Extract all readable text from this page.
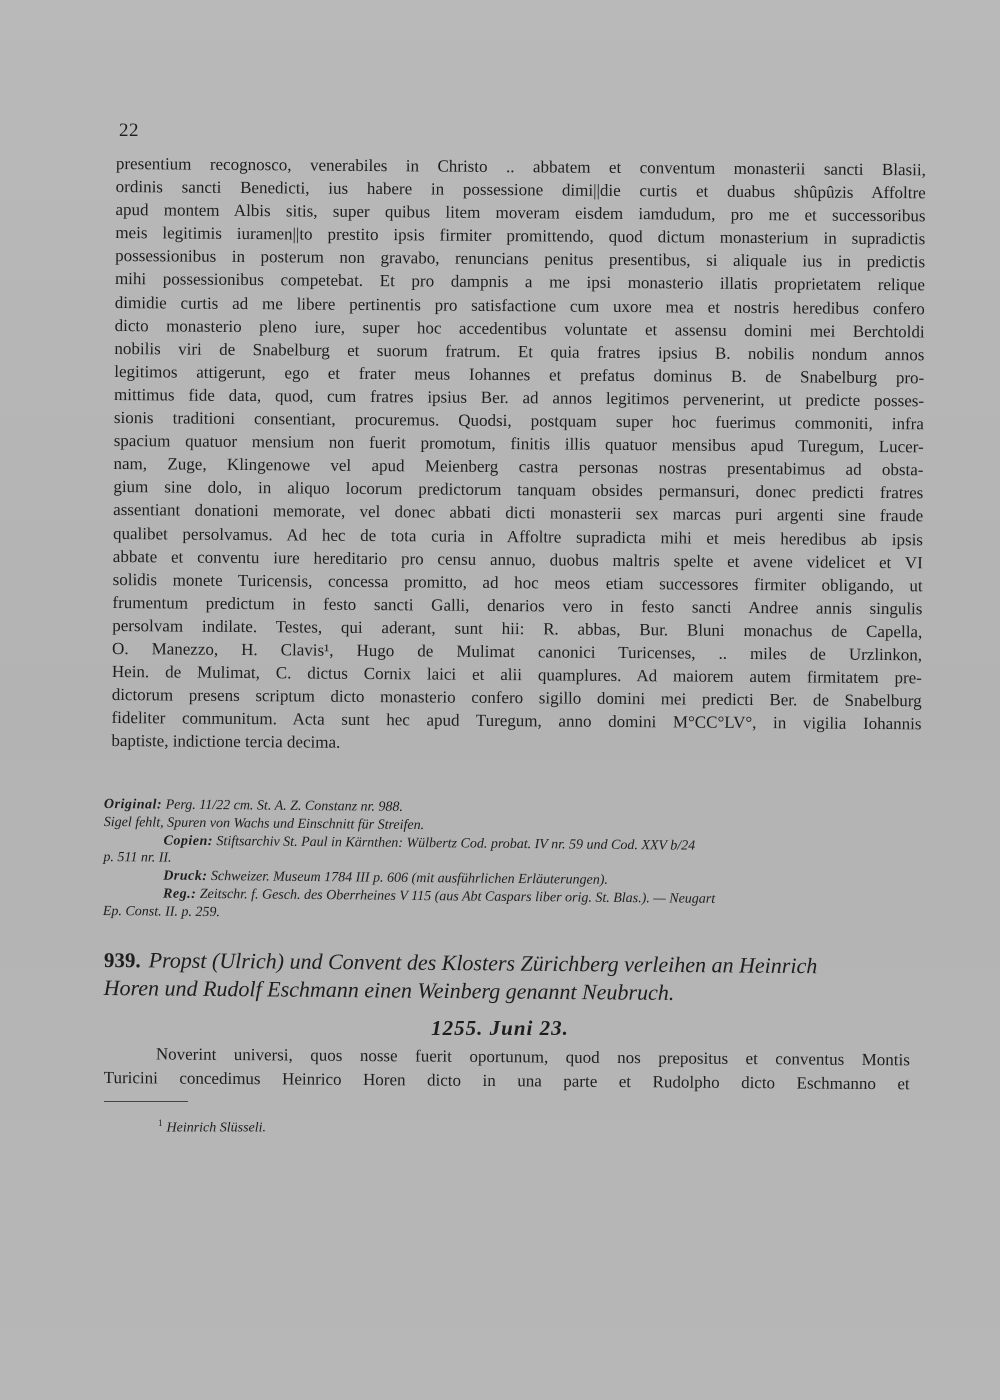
22
presentium recognosco, venerabiles in Christo .. abbatem et conventum monasterii sancti Blasii,
ordinis sancti Benedicti, ius habere in possessione dimi||die curtis et duabus shûpûzis Affoltre
apud montem Albis sitis, super quibus litem moveram eisdem iamdudum, pro me et successoribus
meis legitimis iuramen||to prestito ipsis firmiter promittendo, quod dictum monasterium in supradictis
possessionibus in posterum non gravabo, renuncians penitus presentibus, si aliquale ius in predictis
mihi possessionibus competebat. Et pro dampnis a me ipsi monasterio illatis proprietatem relique
dimidie curtis ad me libere pertinentis pro satisfactione cum uxore mea et nostris heredibus confero
dicto monasterio pleno iure, super hoc accedentibus voluntate et assensu domini mei Berchtoldi
nobilis viri de Snabelburg et suorum fratrum. Et quia fratres ipsius B. nobilis nondum annos
legitimos attigerunt, ego et frater meus Iohannes et prefatus dominus B. de Snabelburg pro-
mittimus fide data, quod, cum fratres ipsius Ber. ad annos legitimos pervenerint, ut predicte posses-
sionis traditioni consentiant, procuremus. Quodsi, postquam super hoc fuerimus commoniti, infra
spacium quatuor mensium non fuerit promotum, finitis illis quatuor mensibus apud Turegum, Lucer-
nam, Zuge, Klingenowe vel apud Meienberg castra personas nostras presentabimus ad obsta-
gium sine dolo, in aliquo locorum predictorum tanquam obsides permansuri, donec predicti fratres
assentiant donationi memorate, vel donec abbati dicti monasterii sex marcas puri argenti sine fraude
qualibet persolvamus. Ad hec de tota curia in Affoltre supradicta mihi et meis heredibus ab ipsis
abbate et conventu iure hereditario pro censu annuo, duobus maltris spelte et avene videlicet et VI
solidis monete Turicensis, concessa promitto, ad hoc meos etiam successores firmiter obligando, ut
frumentum predictum in festo sancti Galli, denarios vero in festo sancti Andree annis singulis
persolvam indilate. Testes, qui aderant, sunt hii: R. abbas, Bur. Bluni monachus de Capella,
O. Manezzo, H. Clavis¹, Hugo de Mulimat canonici Turicenses, .. miles de Urzlinkon,
Hein. de Mulimat, C. dictus Cornix laici et alii quamplures. Ad maiorem autem firmitatem pre-
dictorum presens scriptum dicto monasterio confero sigillo domini mei predicti Ber. de Snabelburg
fideliter communitum. Acta sunt hec apud Turegum, anno domini M°CC°LV°, in vigilia Iohannis
baptiste, indictione tercia decima.
Original: Perg. 11/22 cm. St. A. Z. Constanz nr. 988.
Sigel fehlt, Spuren von Wachs und Einschnitt für Streifen.
Copien: Stiftsarchiv St. Paul in Kärnthen: Wülbertz Cod. probat. IV nr. 59 und Cod. XXV b/24
p. 511 nr. II.
Druck: Schweizer. Museum 1784 III p. 606 (mit ausführlichen Erläuterungen).
Reg.: Zeitschr. f. Gesch. des Oberrheines V 115 (aus Abt Caspars liber orig. St. Blas.). — Neugart
Ep. Const. II. p. 259.
939. Propst (Ulrich) und Convent des Klosters Zürichberg verleihen an Heinrich
Horen und Rudolf Eschmann einen Weinberg genannt Neubruch.
1255. Juni 23.
Noverint universi, quos nosse fuerit oportunum, quod nos prepositus et conventus Montis
Turicini concedimus Heinrico Horen dicto in una parte et Rudolpho dicto Eschmanno et
$^1$ Heinrich Slüsseli.
